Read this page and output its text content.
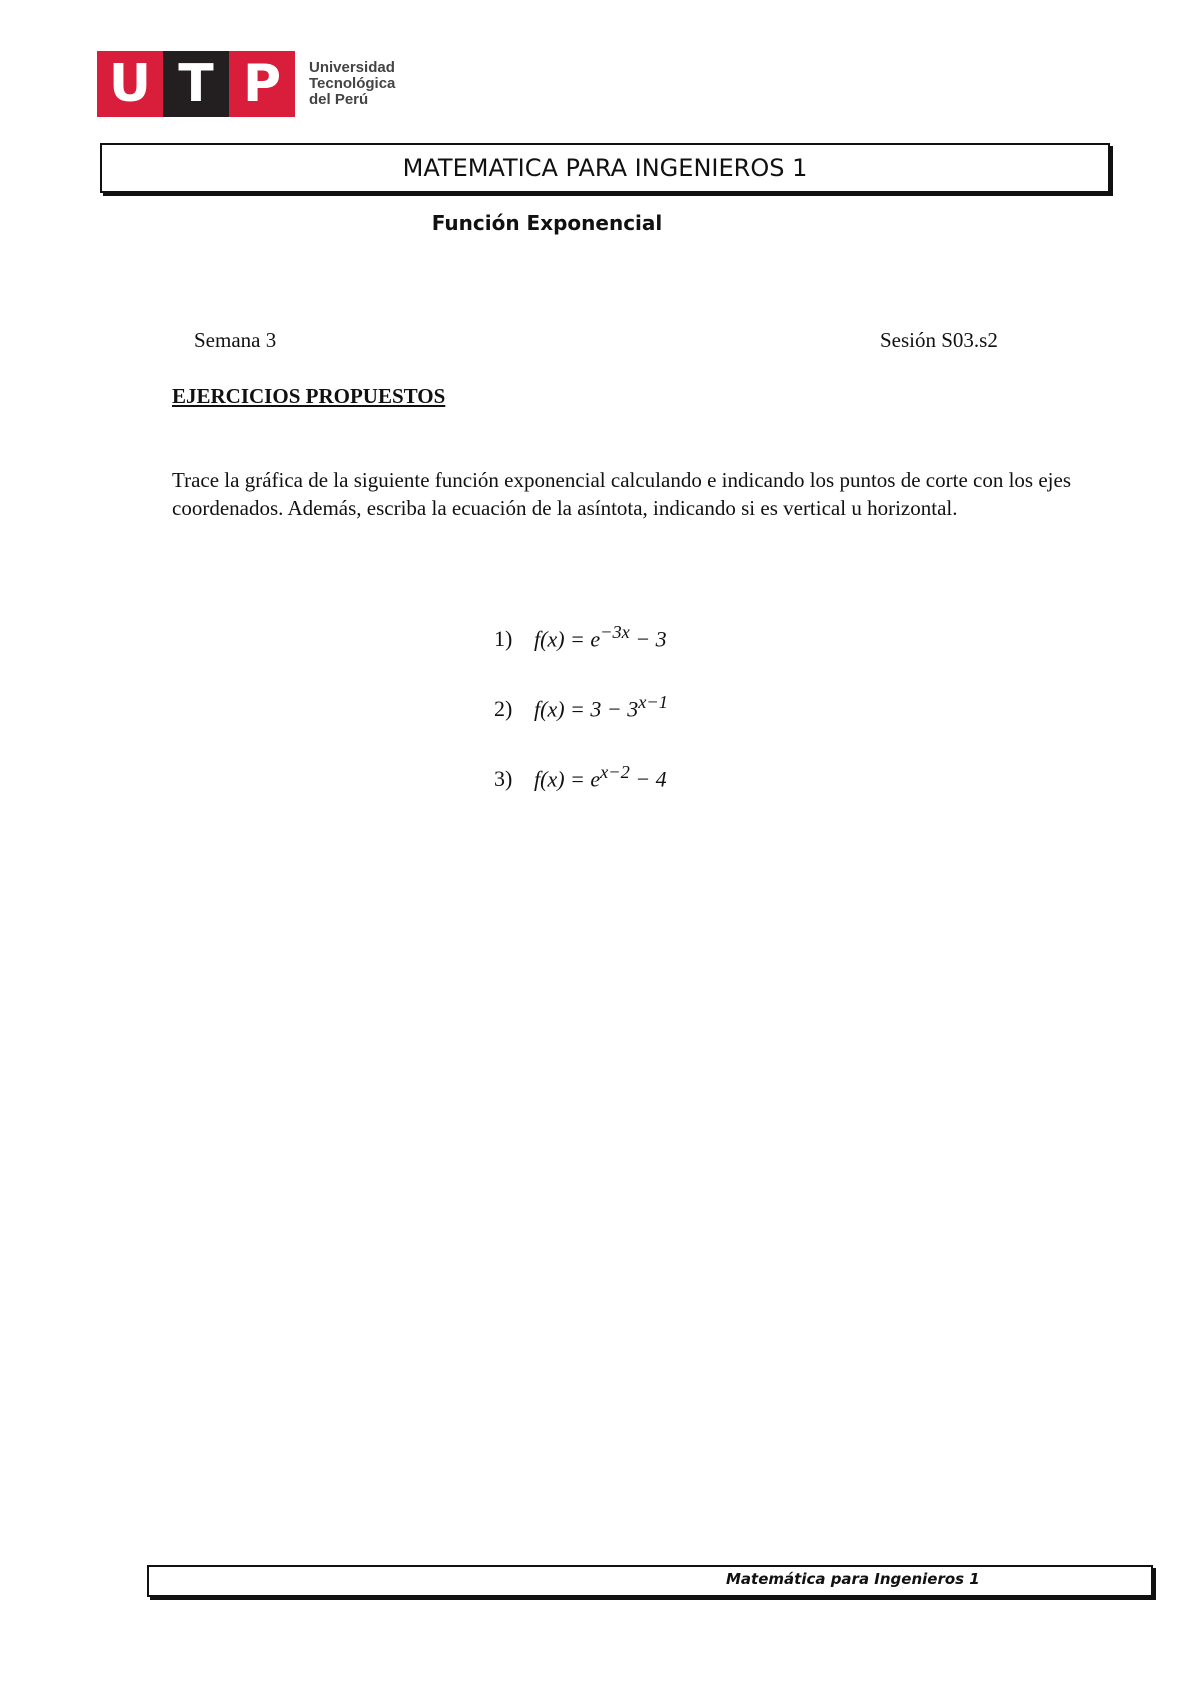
U T P	Universidad
Tecnológica
del Perú
MATEMATICA PARA INGENIEROS 1
Función Exponencial
Semana 3	Sesión S03.s2
EJERCICIOS PROPUESTOS

Trace la gráfica de la siguiente función exponencial calculando e indicando los puntos de corte con los ejes coordenados. Además, escriba la ecuación de la asíntota, indicando si es vertical u horizontal.

1) $f(x) = e^{-3x} - 3$
2) $f(x) = 3 - 3^{x-1}$
3) $f(x) = e^{x-2} - 4$
Matemática para Ingenieros 1
